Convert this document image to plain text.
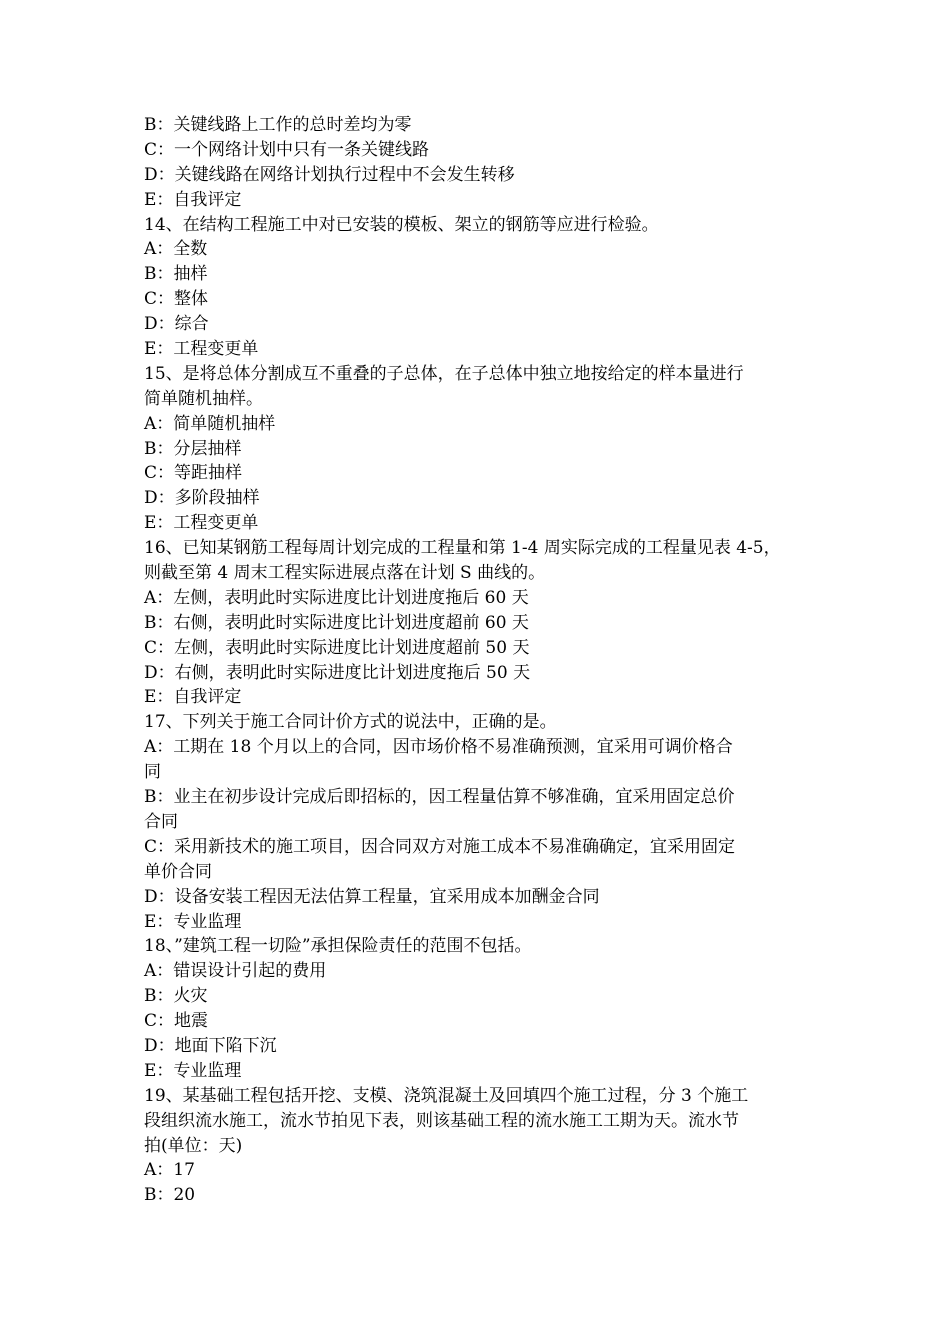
B：关键线路上工作的总时差均为零
C：一个网络计划中只有一条关键线路
D：关键线路在网络计划执行过程中不会发生转移
E：自我评定
14、在结构工程施工中对已安装的模板、架立的钢筋等应进行检验。
A：全数
B：抽样
C：整体
D：综合
E：工程变更单
15、是将总体分割成互不重叠的子总体，在子总体中独立地按给定的样本量进行
简单随机抽样。
A：简单随机抽样
B：分层抽样
C：等距抽样
D：多阶段抽样
E：工程变更单
16、已知某钢筋工程每周计划完成的工程量和第 1-4 周实际完成的工程量见表 4-5，
则截至第 4 周末工程实际进展点落在计划 S 曲线的。
A：左侧，表明此时实际进度比计划进度拖后 60 天
B：右侧，表明此时实际进度比计划进度超前 60 天
C：左侧，表明此时实际进度比计划进度超前 50 天
D：右侧，表明此时实际进度比计划进度拖后 50 天
E：自我评定
17、下列关于施工合同计价方式的说法中，正确的是。
A：工期在 18 个月以上的合同，因市场价格不易准确预测，宜采用可调价格合
同
B：业主在初步设计完成后即招标的，因工程量估算不够准确，宜采用固定总价
合同
C：采用新技术的施工项目，因合同双方对施工成本不易准确确定，宜采用固定
单价合同
D：设备安装工程因无法估算工程量，宜采用成本加酬金合同
E：专业监理
18、”建筑工程一切险”承担保险责任的范围不包括。
A：错误设计引起的费用
B：火灾
C：地震
D：地面下陷下沉
E：专业监理
19、某基础工程包括开挖、支模、浇筑混凝土及回填四个施工过程，分 3 个施工
段组织流水施工，流水节拍见下表，则该基础工程的流水施工工期为天。流水节
拍(单位：天)
A：17
B：20
